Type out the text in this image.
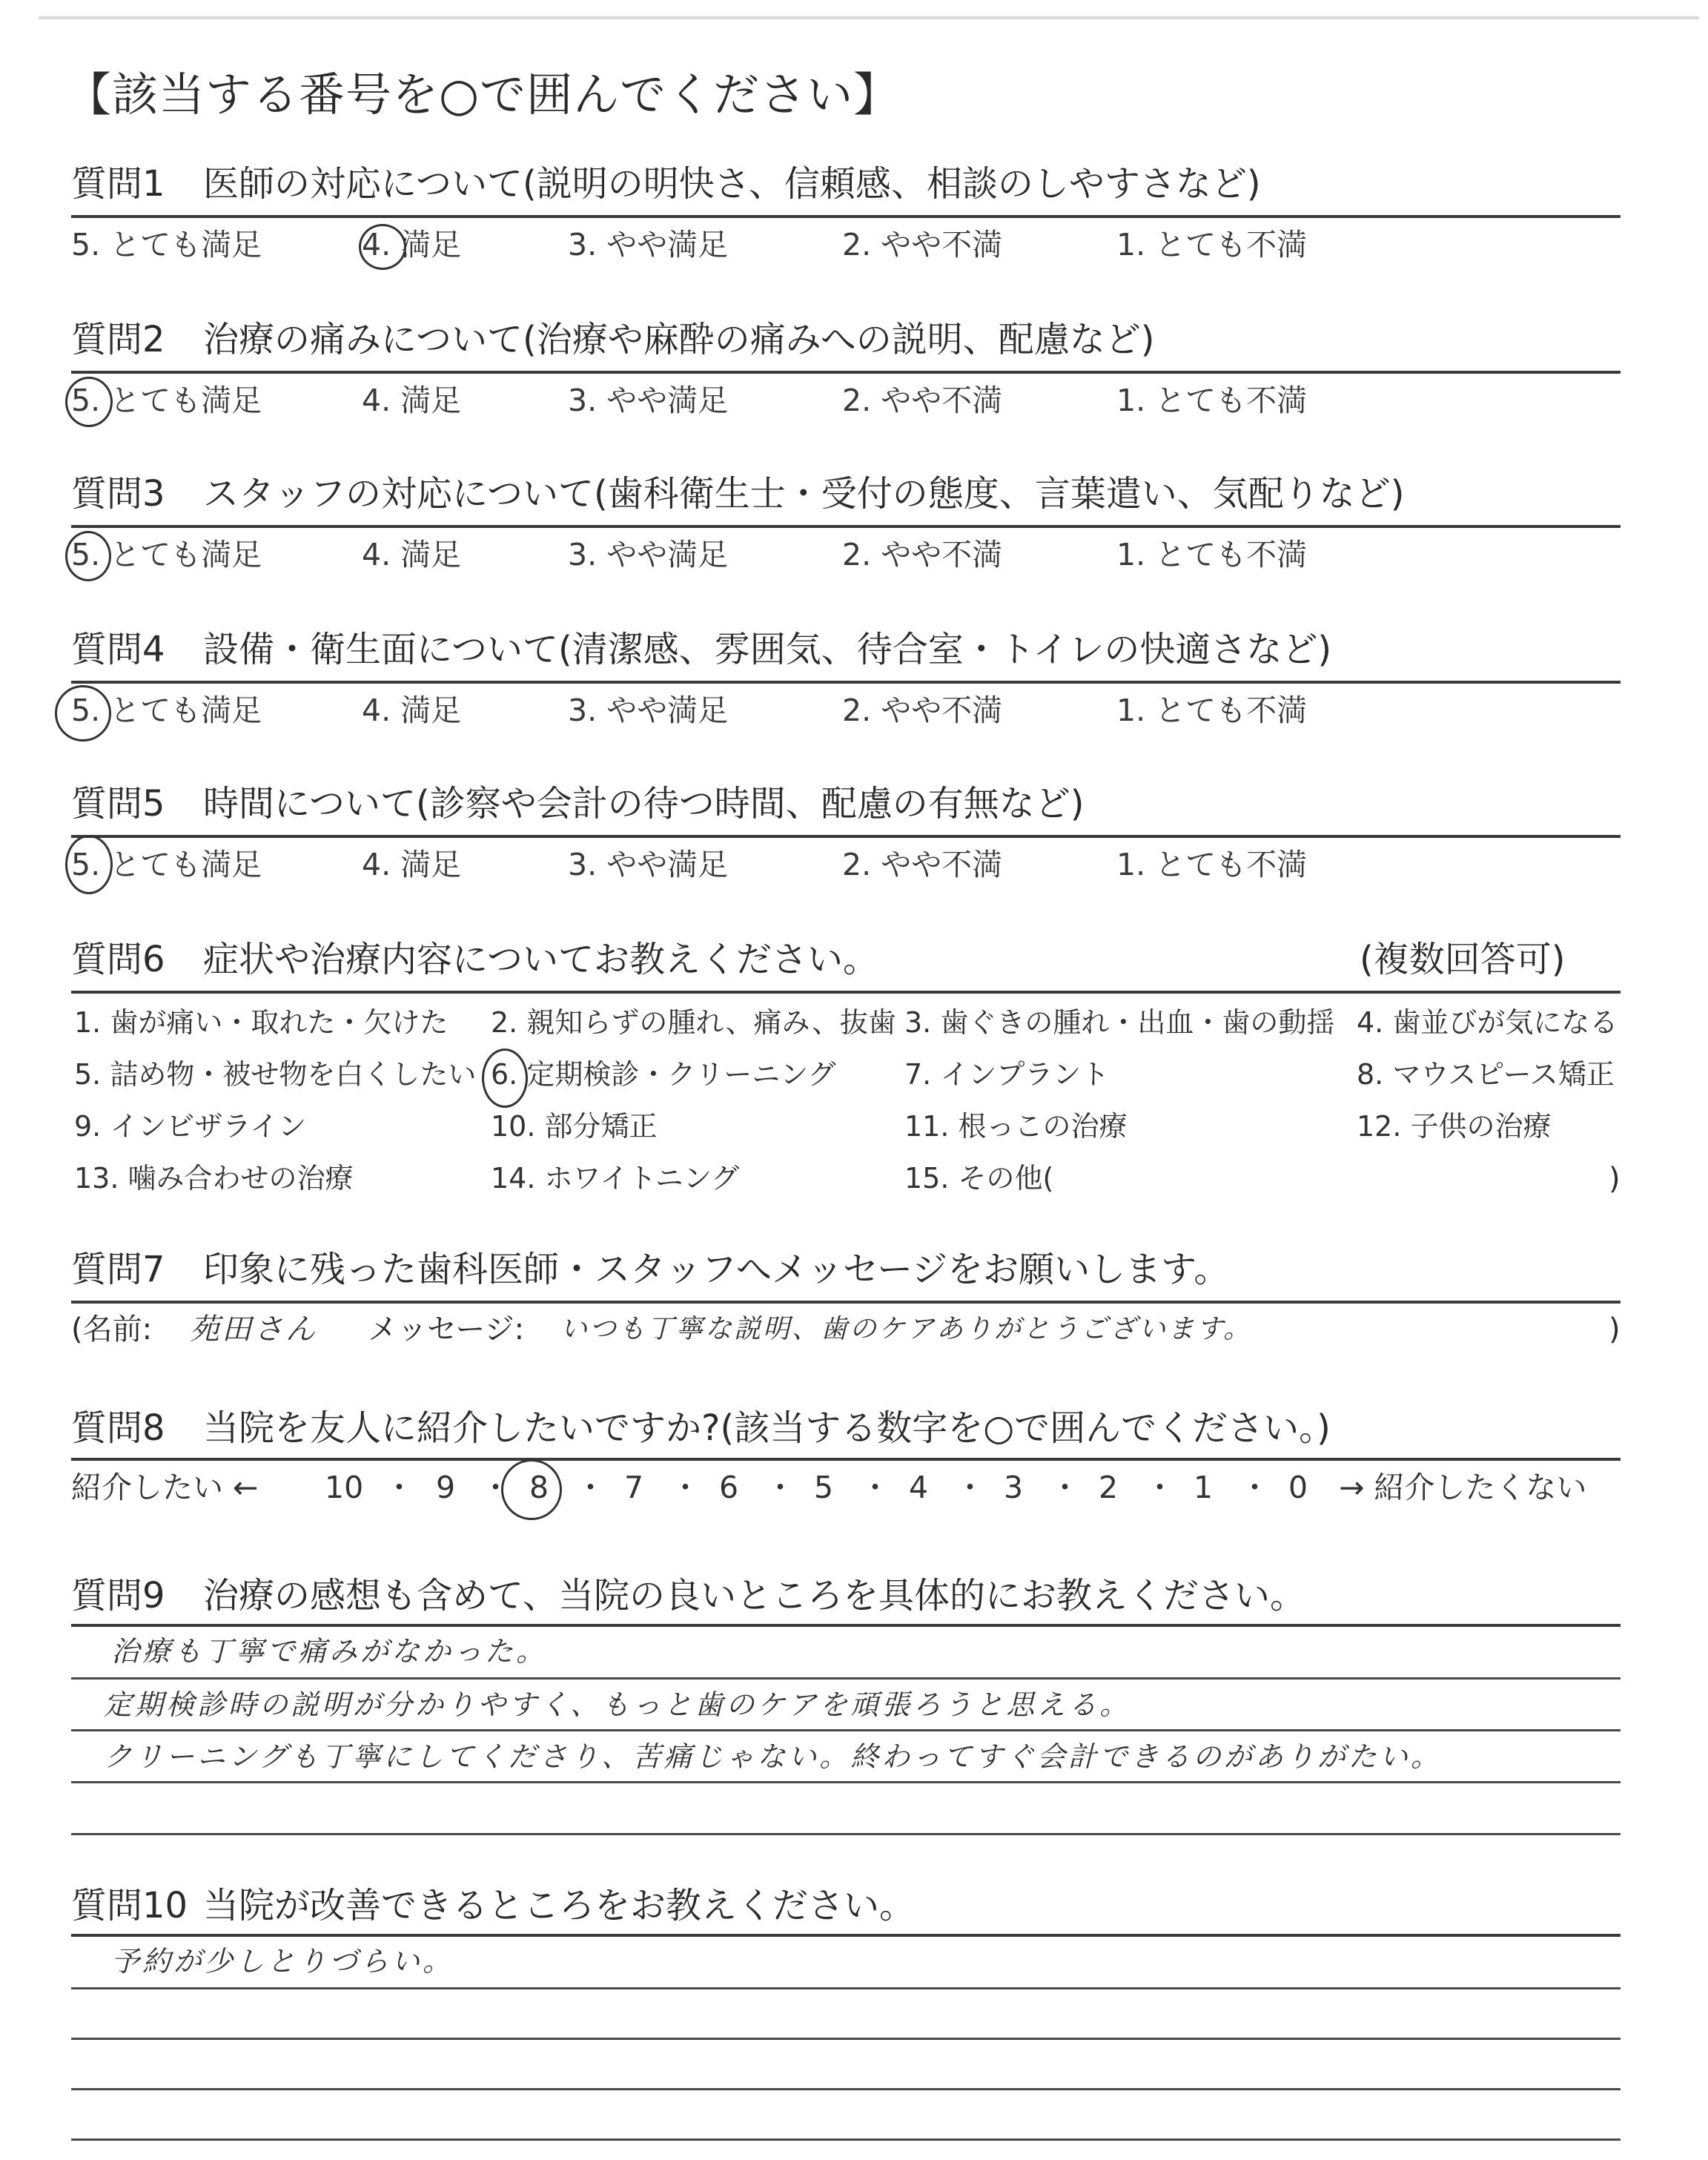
【該当する番号を○で囲んでください】
質問1 医師の対応について(説明の明快さ、信頼感、相談のしやすさなど)
5. とても満足	4. 満足	3. やや満足	2. やや不満	1. とても不満
質問2 治療の痛みについて(治療や麻酔の痛みへの説明、配慮など)
5. とても満足	4. 満足	3. やや満足	2. やや不満	1. とても不満
質問3 スタッフの対応について(歯科衛生士・受付の態度、言葉遣い、気配りなど)
5. とても満足	4. 満足	3. やや満足	2. やや不満	1. とても不満
質問4 設備・衛生面について(清潔感、雰囲気、待合室・トイレの快適さなど)
5. とても満足	4. 満足	3. やや満足	2. やや不満	1. とても不満
質問5 時間について(診察や会計の待つ時間、配慮の有無など)
5. とても満足	4. 満足	3. やや満足	2. やや不満	1. とても不満
質問6 症状や治療内容についてお教えください。	(複数回答可)
1. 歯が痛い・取れた・欠けた 2. 親知らずの腫れ、痛み、抜歯 3. 歯ぐきの腫れ・出血・歯の動揺 4. 歯並びが気になる
5. 詰め物・被せ物を白くしたい 6. 定期検診・クリーニング 7. インプラント	8. マウスピース矯正
9. インビザライン	10. 部分矯正	11. 根っこの治療	12. 子供の治療
13. 噛み合わせの治療	14. ホワイトニング	15. その他(	)
質問7 印象に残った歯科医師・スタッフへメッセージをお願いします。
(名前: 苑田さん メッセージ: いつも丁寧な説明、歯のケアありがとうございます。	)
質問8 当院を友人に紹介したいですか?(該当する数字を○で囲んでください。)
紹介したい ← 10 ・ 9 ・ 8 ・ 7 ・ 6 ・ 5 ・ 4 ・ 3 ・ 2 ・ 1 ・ 0 → 紹介したくない
質問9 治療の感想も含めて、当院の良いところを具体的にお教えください。
治療も丁寧で痛みがなかった。
定期検診時の説明が分かりやすく、もっと歯のケアを頑張ろうと思える。
クリーニングも丁寧にしてくださり、苦痛じゃない。終わってすぐ会計できるのがありがたい。
質問10 当院が改善できるところをお教えください。
予約が少しとりづらい。
